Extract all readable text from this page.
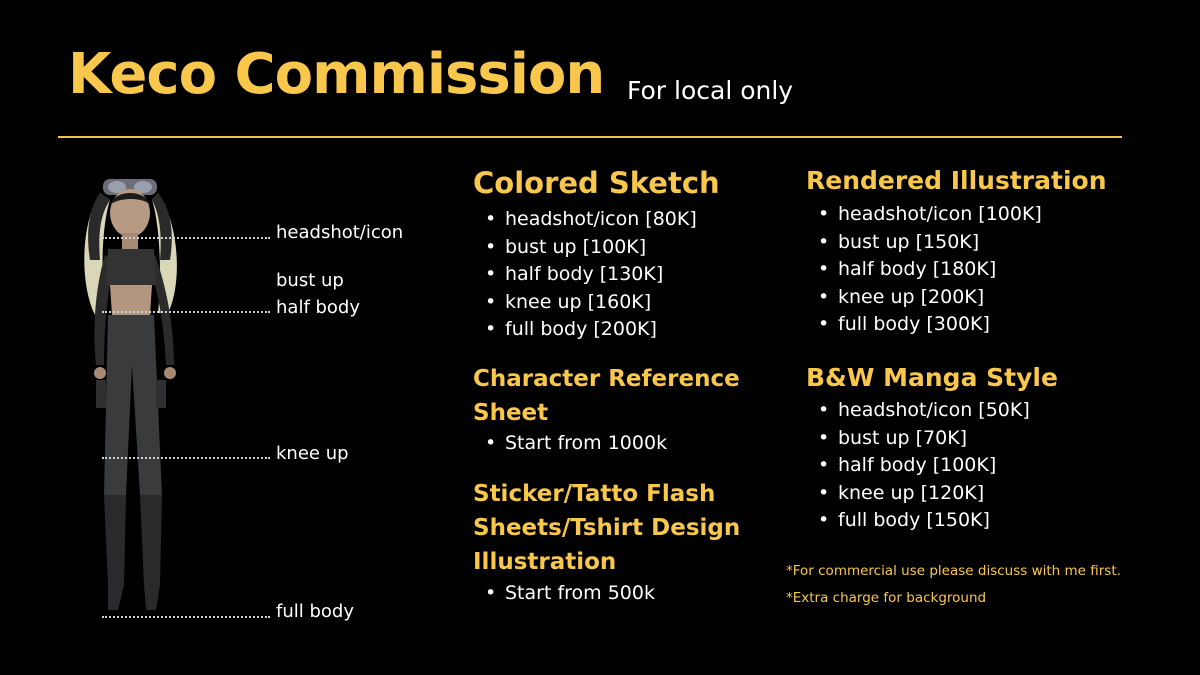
Keco Commission For local only
headshot/icon
bust up
half body
knee up
full body
Colored Sketch
• headshot/icon [80K]
• bust up [100K]
• half body [130K]
• knee up [160K]
• full body [200K]
Character Reference
Sheet
• Start from 1000k
Sticker/Tatto Flash
Sheets/Tshirt Design
Illustration
• Start from 500k
Rendered Illustration
• headshot/icon [100K]
• bust up [150K]
• half body [180K]
• knee up [200K]
• full body [300K]
B&W Manga Style
• headshot/icon [50K]
• bust up [70K]
• half body [100K]
• knee up [120K]
• full body [150K]
*For commercial use please discuss with me first.
*Extra charge for background
